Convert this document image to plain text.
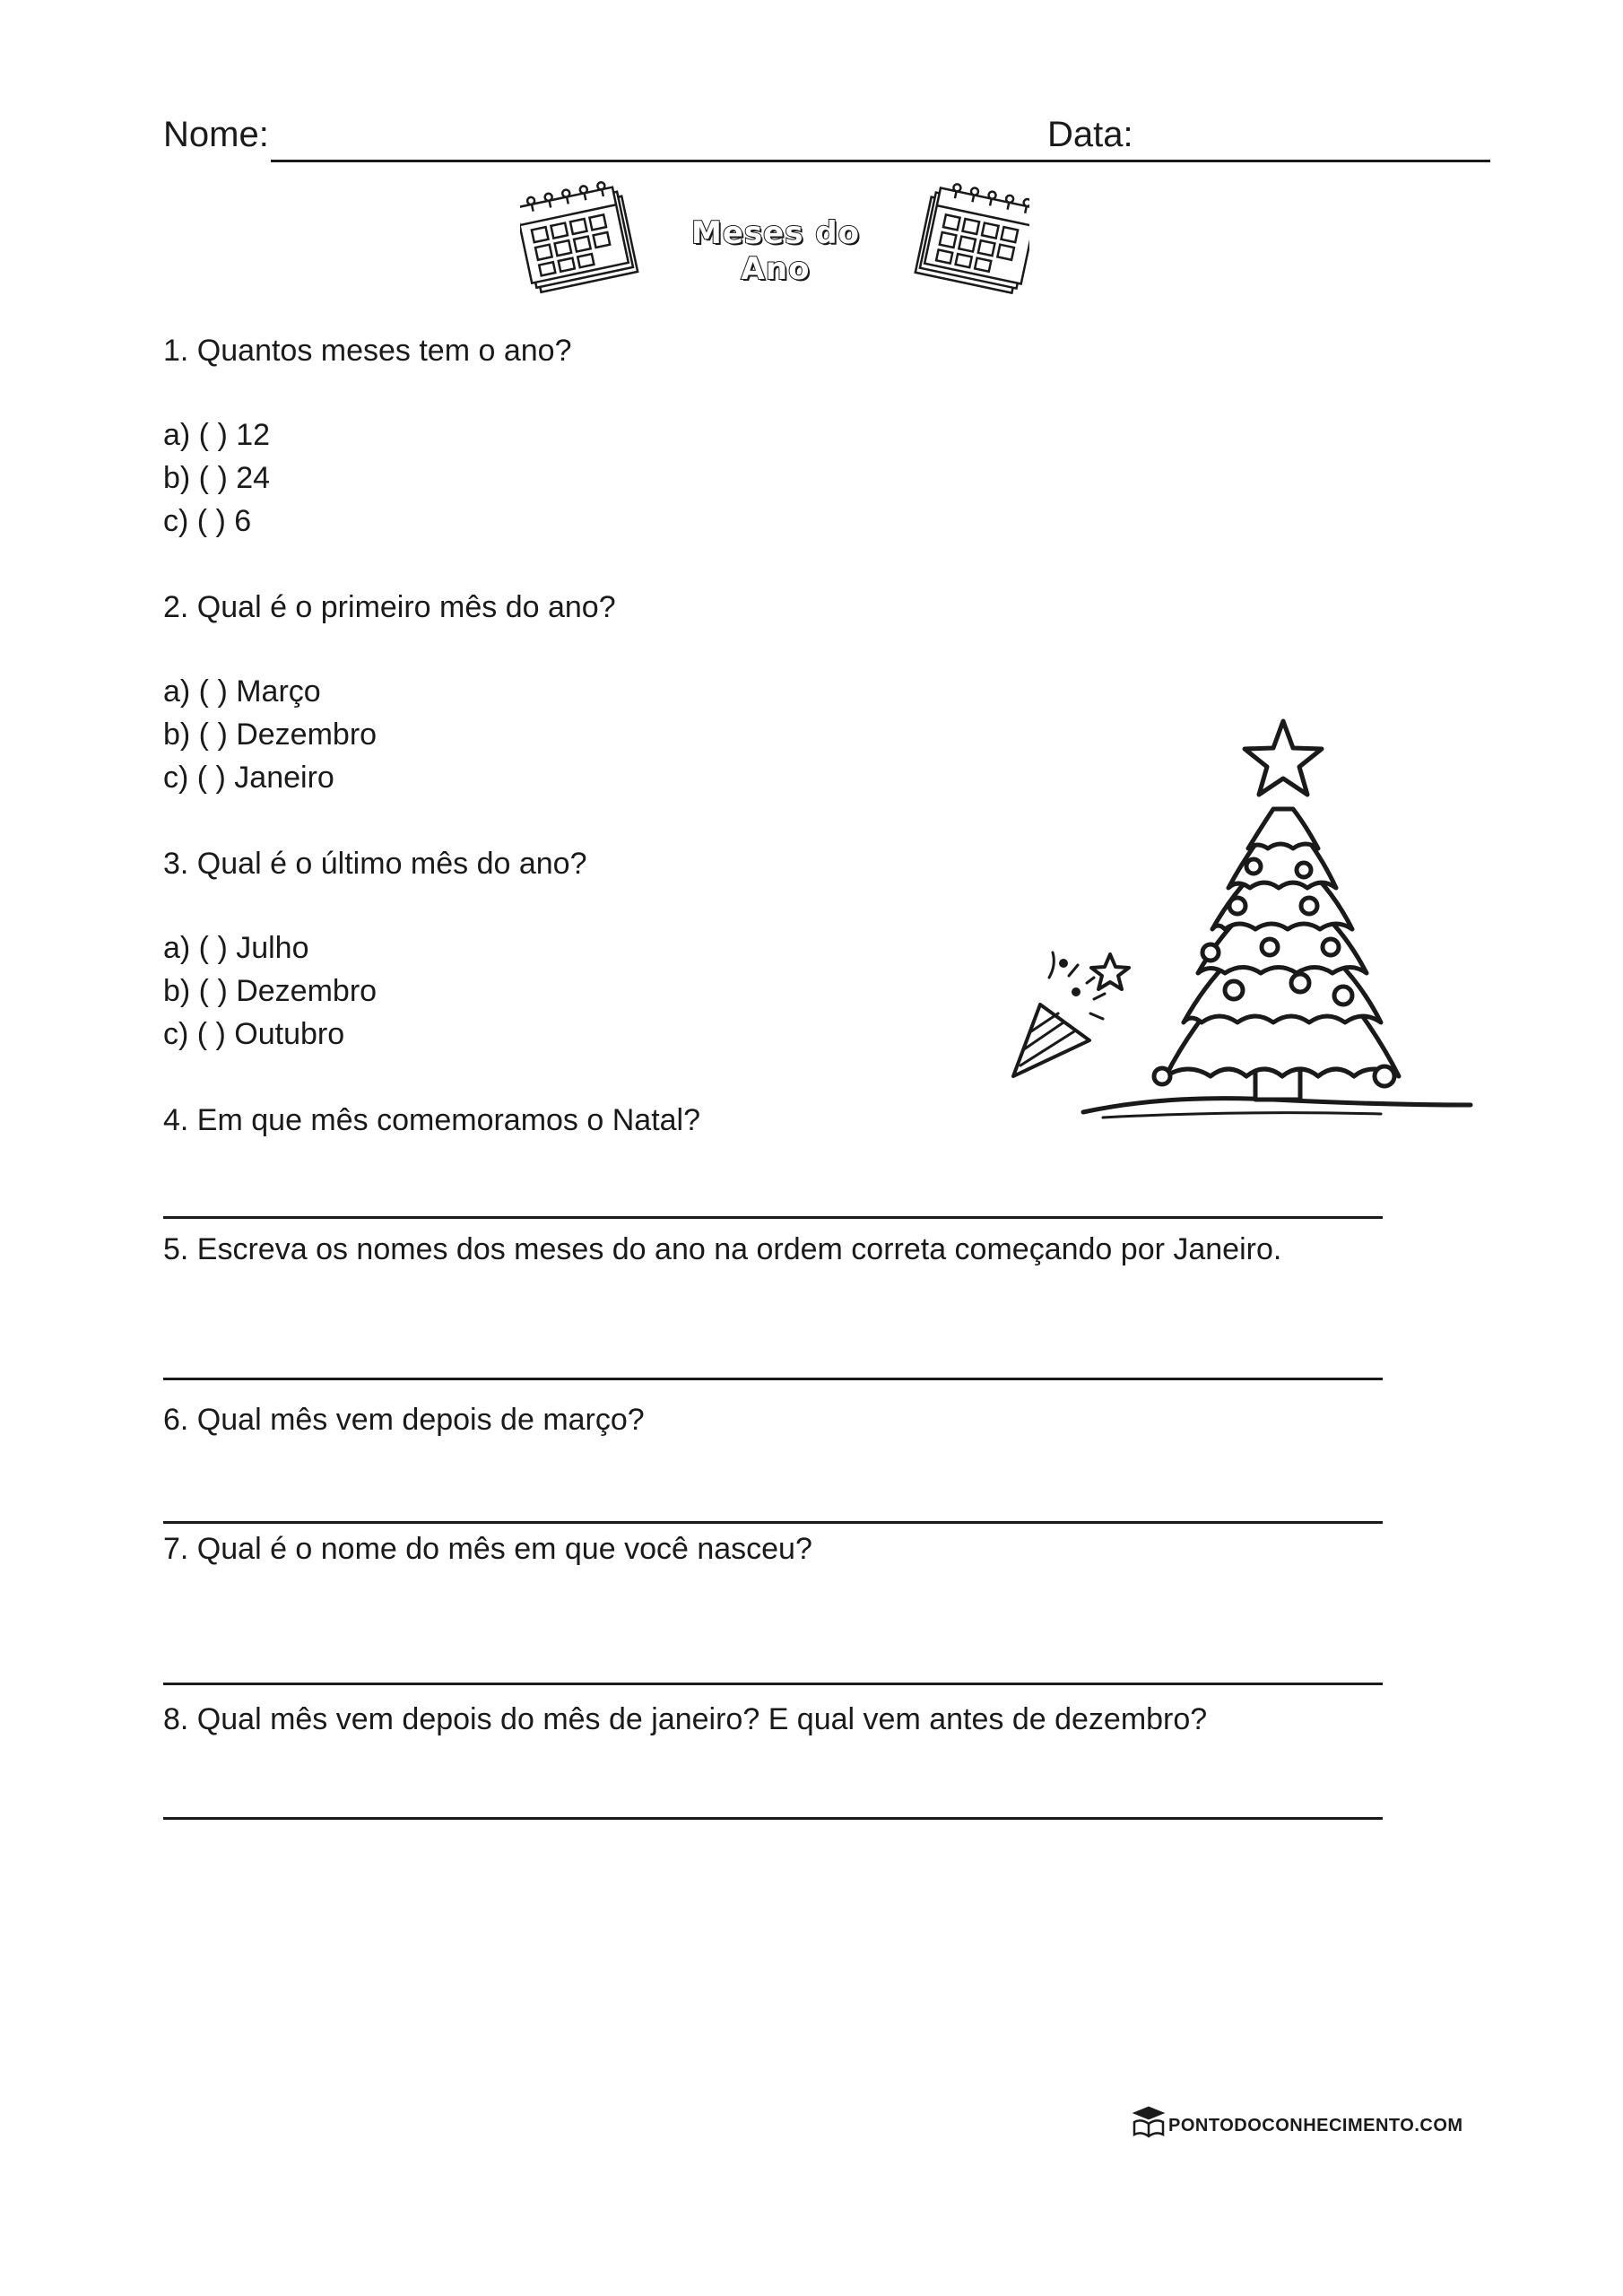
Nome:	Data:
Meses do Ano
1. Quantos meses tem o ano?
a) ( ) 12
b) ( ) 24
c) ( ) 6
2. Qual é o primeiro mês do ano?
a) ( ) Março
b) ( ) Dezembro
c) ( ) Janeiro
3. Qual é o último mês do ano?
a) ( ) Julho
b) ( ) Dezembro
c) ( ) Outubro
4. Em que mês comemoramos o Natal?
5. Escreva os nomes dos meses do ano na ordem correta começando por Janeiro.
6. Qual mês vem depois de março?
7. Qual é o nome do mês em que você nasceu?
8. Qual mês vem depois do mês de janeiro? E qual vem antes de dezembro?
PONTODOCONHECIMENTO.COM
